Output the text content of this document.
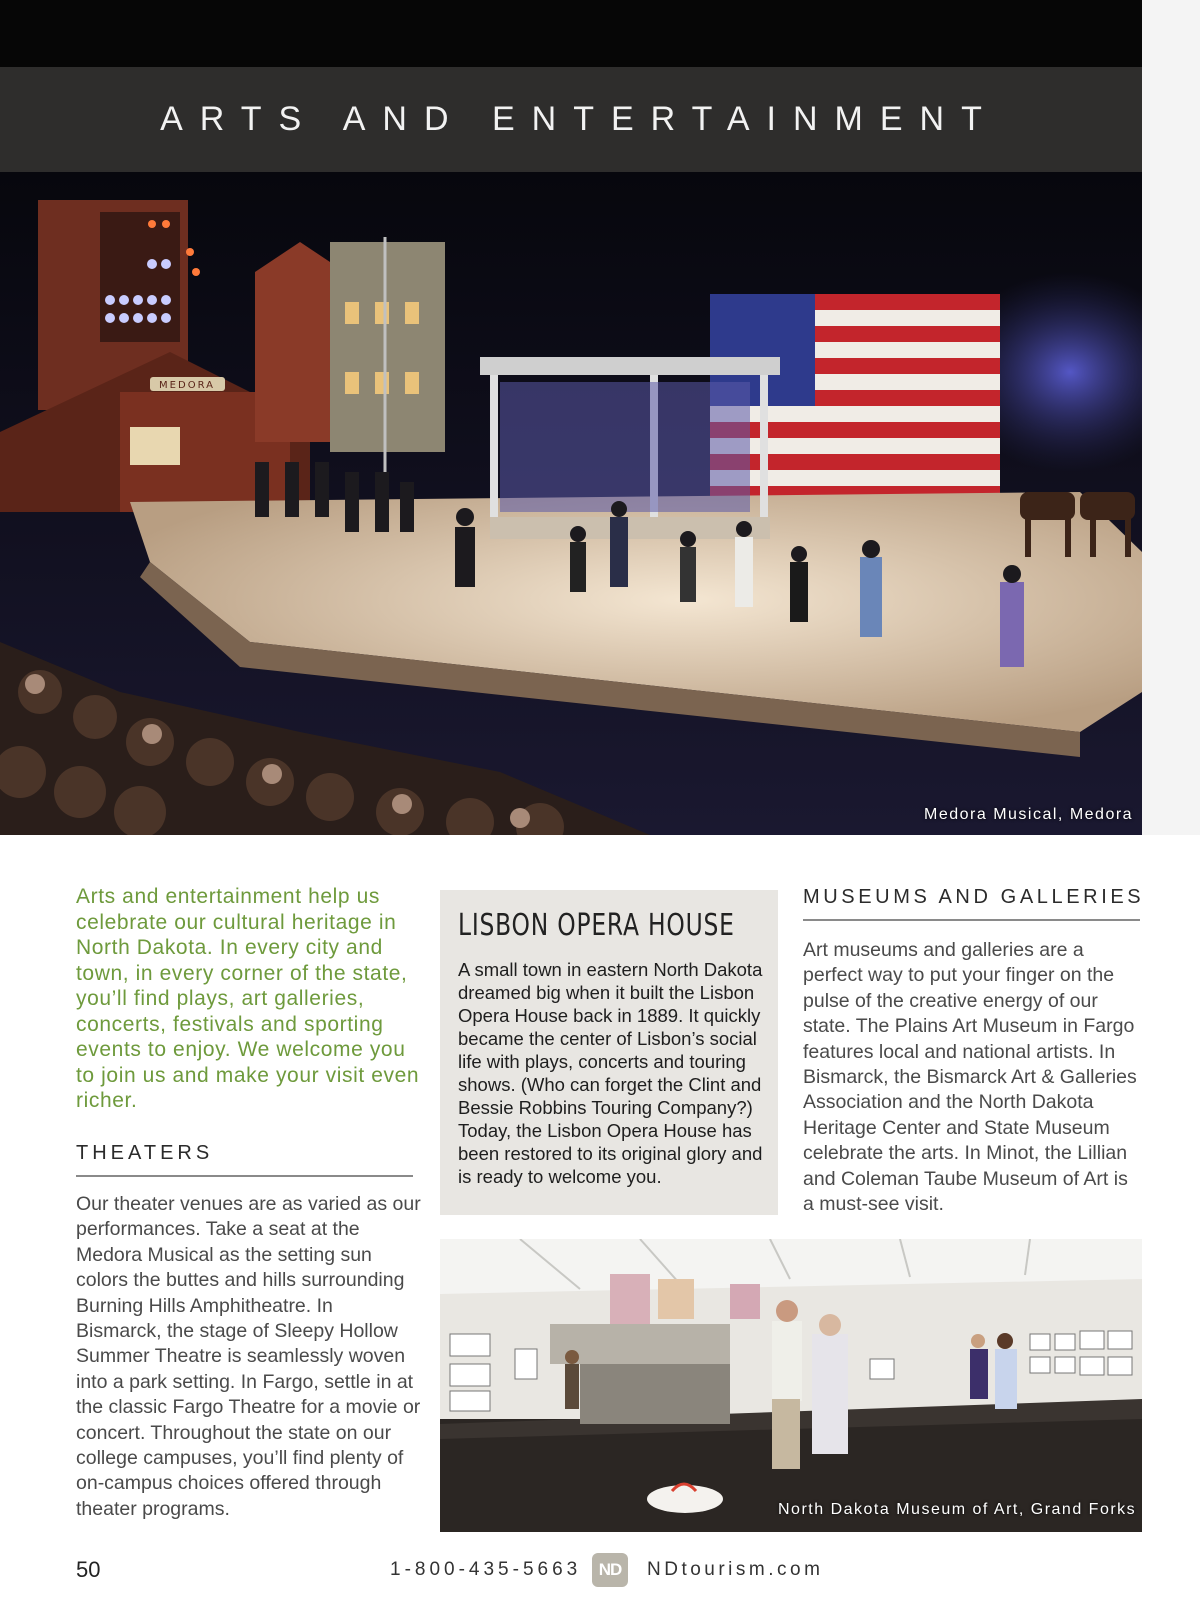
ARTS AND ENTERTAINMENT
MEDORA
Medora Musical, Medora
Arts and entertainment help us celebrate our cultural heritage in North Dakota. In every city and town, in every corner of the state, you’ll find plays, art galleries, concerts, festivals and sporting events to enjoy. We welcome you to join us and make your visit even richer.
THEATERS
Our theater venues are as varied as our performances. Take a seat at the Medora Musical as the setting sun colors the buttes and hills surrounding Burning Hills Amphitheatre. In Bismarck, the stage of Sleepy Hollow Summer Theatre is seamlessly woven into a park setting. In Fargo, settle in at the classic Fargo Theatre for a movie or concert. Throughout the state on our college campuses, you’ll find plenty of on-campus choices offered through theater programs.
LISBON OPERA HOUSE

A small town in eastern North Dakota dreamed big when it built the Lisbon Opera House back in 1889. It quickly became the center of Lisbon’s social life with plays, concerts and touring shows. (Who can forget the Clint and Bessie Robbins Touring Company?) Today, the Lisbon Opera House has been restored to its original glory and is ready to welcome you.

MUSEUMS AND GALLERIES
Art museums and galleries are a perfect way to put your finger on the pulse of the creative energy of our state. The Plains Art Museum in Fargo features local and national artists. In Bismarck, the Bismarck Art & Galleries Association and the North Dakota Heritage Center and State Museum celebrate the arts. In Minot, the Lillian and Coleman Taube Museum of Art is a must-see visit.
North Dakota Museum of Art, Grand Forks
50	1-800-435-5663	ND	NDtourism.com
